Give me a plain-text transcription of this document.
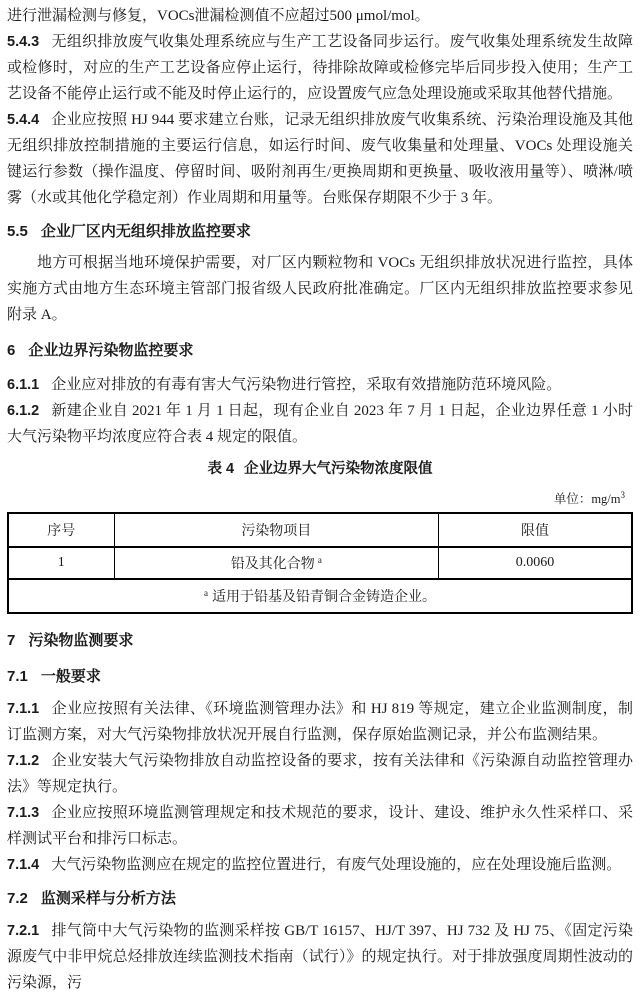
进行泄漏检测与修复，VOCs泄漏检测值不应超过500 μmol/mol。

5.4.3 无组织排放废气收集处理系统应与生产工艺设备同步运行。废气收集处理系统发生故障或检修时，对应的生产工艺设备应停止运行，待排除故障或检修完毕后同步投入使用；生产工艺设备不能停止运行或不能及时停止运行的，应设置废气应急处理设施或采取其他替代措施。

5.4.4 企业应按照 HJ 944 要求建立台账，记录无组织排放废气收集系统、污染治理设施及其他无组织排放控制措施的主要运行信息，如运行时间、废气收集量和处理量、VOCs 处理设施关键运行参数（操作温度、停留时间、吸附剂再生/更换周期和更换量、吸收液用量等）、喷淋/喷雾（水或其他化学稳定剂）作业周期和用量等。台账保存期限不少于 3 年。

5.5 企业厂区内无组织排放监控要求

地方可根据当地环境保护需要，对厂区内颗粒物和 VOCs 无组织排放状况进行监控，具体实施方式由地方生态环境主管部门报省级人民政府批准确定。厂区内无组织排放监控要求参见附录 A。

6 企业边界污染物监控要求

6.1.1 企业应对排放的有毒有害大气污染物进行管控，采取有效措施防范环境风险。

6.1.2 新建企业自 2021 年 1 月 1 日起，现有企业自 2023 年 7 月 1 日起，企业边界任意 1 小时大气污染物平均浓度应符合表 4 规定的限值。

表 4 企业边界大气污染物浓度限值
单位：$mg/m^3$
序号	污染物项目	限值
1	铅及其化合物 $^a$	0.0060
$^a$ 适用于铅基及铅青铜合金铸造企业。		
7 污染物监测要求
7.1 一般要求

7.1.1 企业应按照有关法律、《环境监测管理办法》和 HJ 819 等规定，建立企业监测制度，制订监测方案，对大气污染物排放状况开展自行监测，保存原始监测记录，并公布监测结果。

7.1.2 企业安装大气污染物排放自动监控设备的要求，按有关法律和《污染源自动监控管理办法》等规定执行。

7.1.3 企业应按照环境监测管理规定和技术规范的要求，设计、建设、维护永久性采样口、采样测试平台和排污口标志。

7.1.4 大气污染物监测应在规定的监控位置进行，有废气处理设施的，应在处理设施后监测。

7.2 监测采样与分析方法

7.2.1 排气筒中大气污染物的监测采样按 GB/T 16157、HJ/T 397、HJ 732 及 HJ 75、《固定污染源废气中非甲烷总烃排放连续监测技术指南（试行）》的规定执行。对于排放强度周期性波动的污染源，污
